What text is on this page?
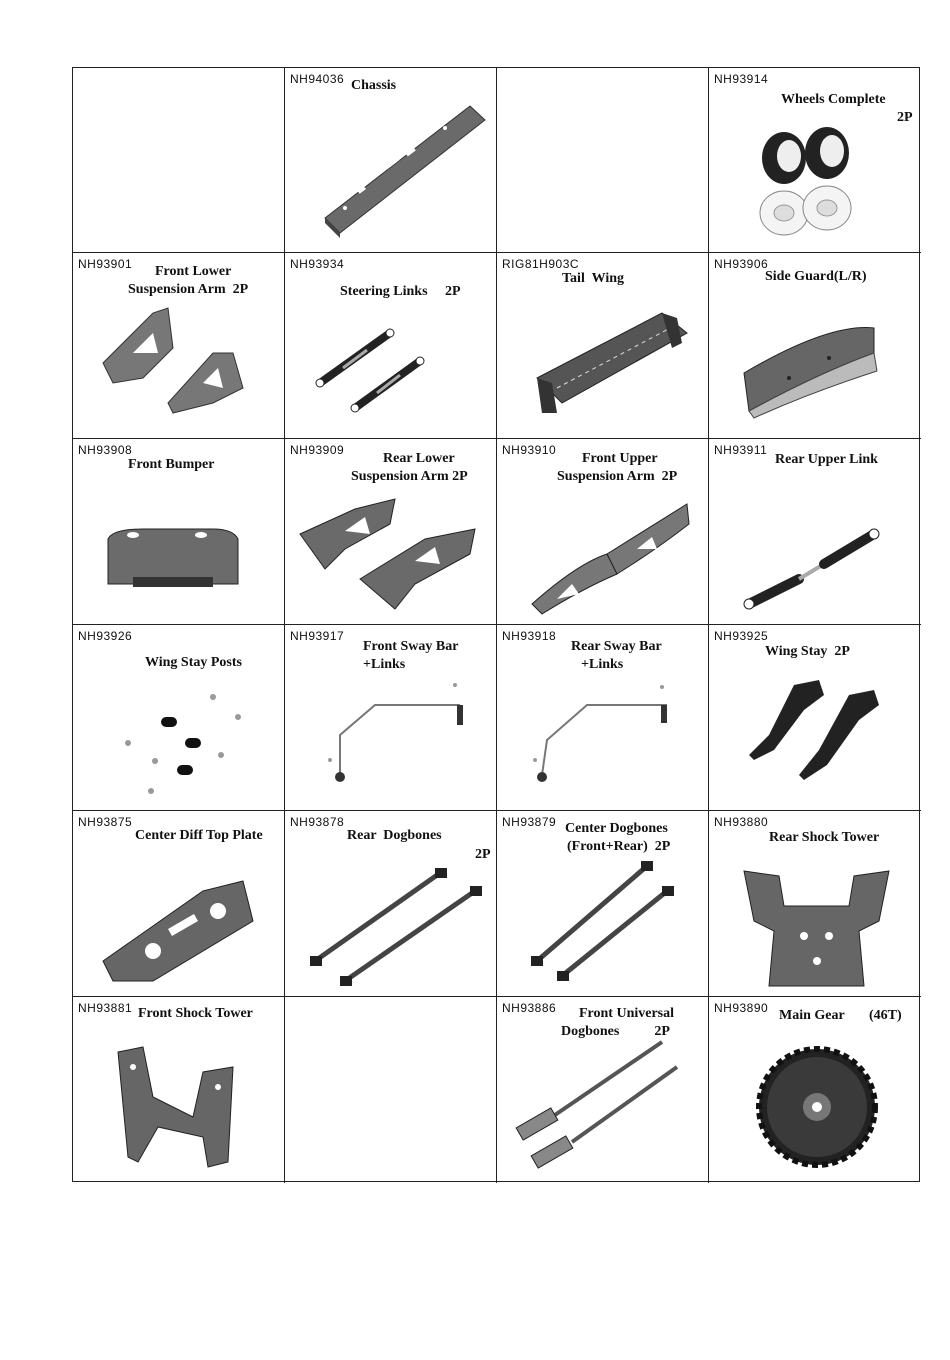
NH94036 Chassis	NH93914
Wheels Complete
2P
NH93901 Front Lower
Suspension Arm  2P
NH93934
Steering Links     2P
RIG81H903C
Tail  Wing
NH93906
Side Guard(L/R)
NH93908
Front Bumper
NH93909
Rear Lower
Suspension Arm 2P
NH93910
Front Upper
Suspension Arm  2P
NH93911
Rear Upper Link
NH93926
Wing Stay Posts
NH93917
Front Sway Bar
+Links
NH93918
Rear Sway Bar
+Links
NH93925
Wing Stay  2P
NH93875
Center Diff Top Plate
NH93878
Rear  Dogbones
2P
NH93879 Center Dogbones
(Front+Rear)  2P
NH93880
Rear Shock Tower
NH93881 Front Shock Tower	NH93886 Front Universal
Dogbones          2P
NH93890 Main Gear       (46T)
